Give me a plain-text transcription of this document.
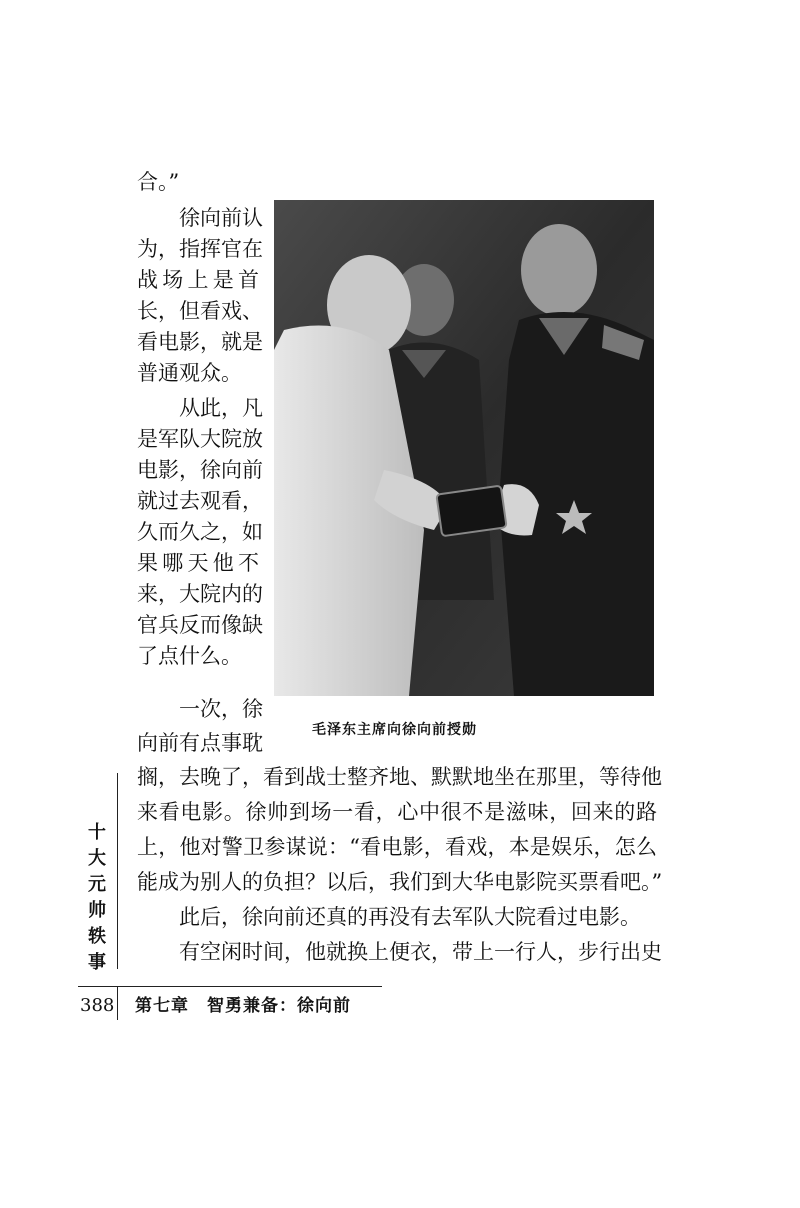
合。”
徐向前认
为，指挥官在
战场上是首
长，但看戏、
看电影，就是
普通观众。
从此，凡
是军队大院放
电影，徐向前
就过去观看，
久而久之，如
果哪天他不
来，大院内的
官兵反而像缺
了点什么。
一次，徐
向前有点事耽
搁，去晚了，看到战士整齐地、默默地坐在那里，等待他
来看电影。徐帅到场一看，心中很不是滋味，回来的路
上，他对警卫参谋说：“看电影，看戏，本是娱乐，怎么
能成为别人的负担？以后，我们到大华电影院买票看吧。”
此后，徐向前还真的再没有去军队大院看过电影。
有空闲时间，他就换上便衣，带上一行人，步行出史
毛泽东主席向徐向前授勋
十
大
元
帅
轶
事
388 第七章　智勇兼备：徐向前
